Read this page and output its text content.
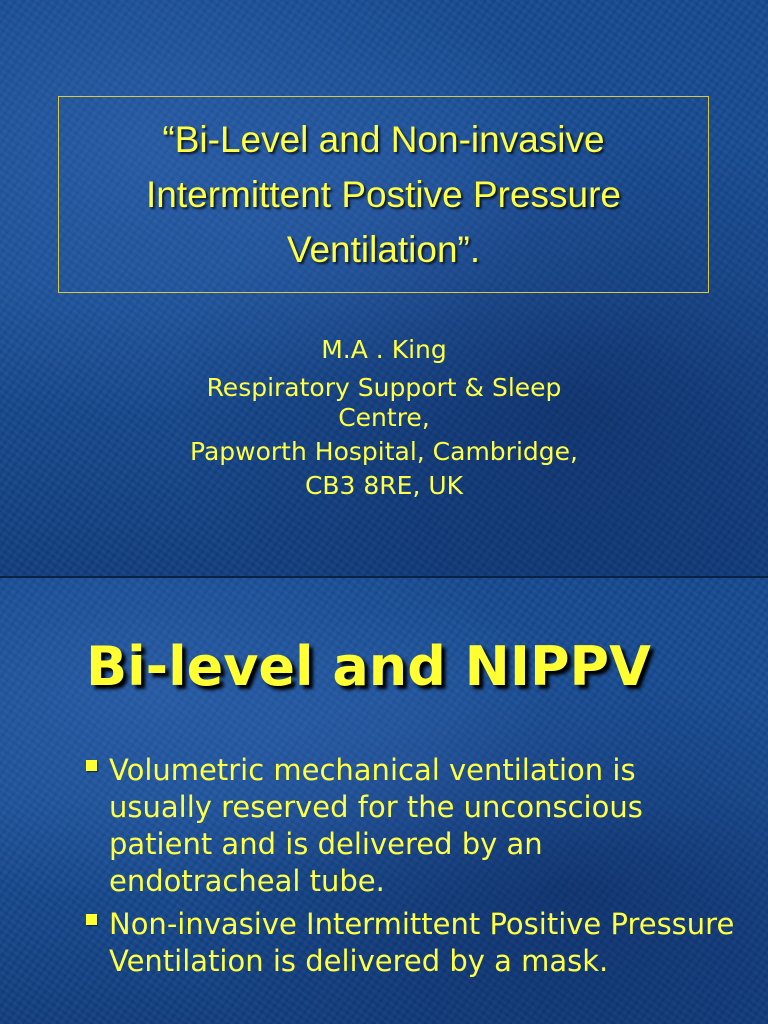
“Bi-Level and Non-invasive Intermittent Postive Pressure Ventilation”.

M.A . King
Respiratory Support & Sleep
Centre,
Papworth Hospital, Cambridge,
CB3 8RE, UK
Bi-level and NIPPV
Volumetric mechanical ventilation is usually reserved for the unconscious patient and is delivered by an endotracheal tube.
Non-invasive Intermittent Positive Pressure Ventilation is delivered by a mask.
